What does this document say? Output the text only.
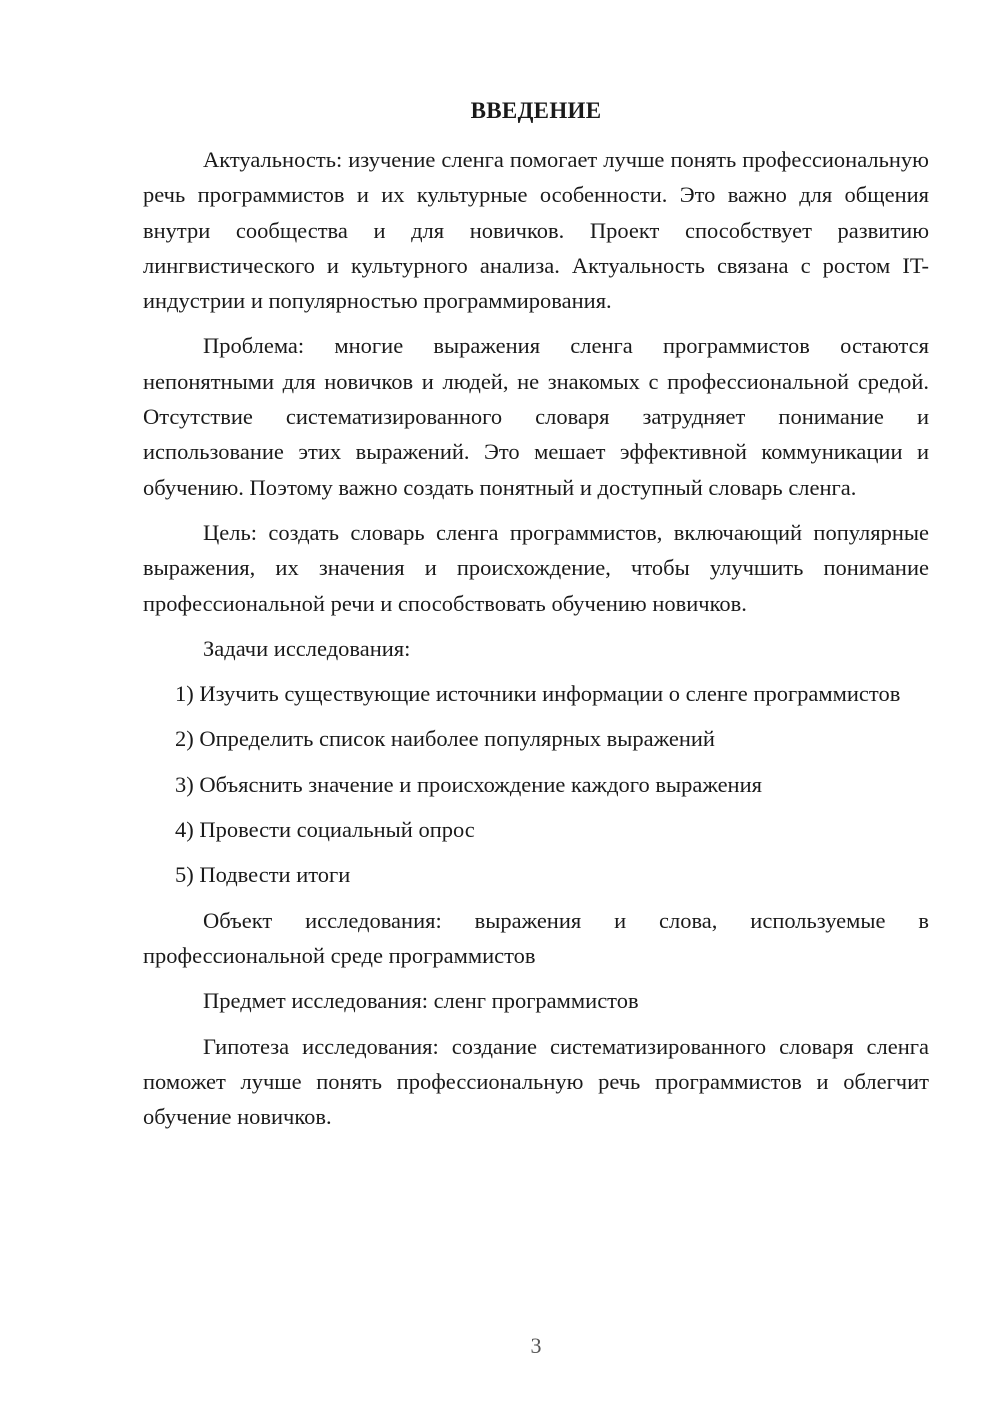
ВВЕДЕНИЕ

Актуальность: изучение сленга помогает лучше понять профессиональную речь программистов и их культурные особенности. Это важно для общения внутри сообщества и для новичков. Проект способствует развитию лингвистического и культурного анализа. Актуальность связана с ростом IT-индустрии и популярностью программирования.

Проблема: многие выражения сленга программистов остаются непонятными для новичков и людей, не знакомых с профессиональной средой. Отсутствие систематизированного словаря затрудняет понимание и использование этих выражений. Это мешает эффективной коммуникации и обучению. Поэтому важно создать понятный и доступный словарь сленга.

Цель: создать словарь сленга программистов, включающий популярные выражения, их значения и происхождение, чтобы улучшить понимание профессиональной речи и способствовать обучению новичков.

Задачи исследования:

1) Изучить существующие источники информации о сленге программистов

2) Определить список наиболее популярных выражений

3) Объяснить значение и происхождение каждого выражения

4) Провести социальный опрос

5) Подвести итоги

Объект исследования: выражения и слова, используемые в профессиональной среде программистов

Предмет исследования: сленг программистов

Гипотеза исследования: создание систематизированного словаря сленга поможет лучше понять профессиональную речь программистов и облегчит обучение новичков.

3
